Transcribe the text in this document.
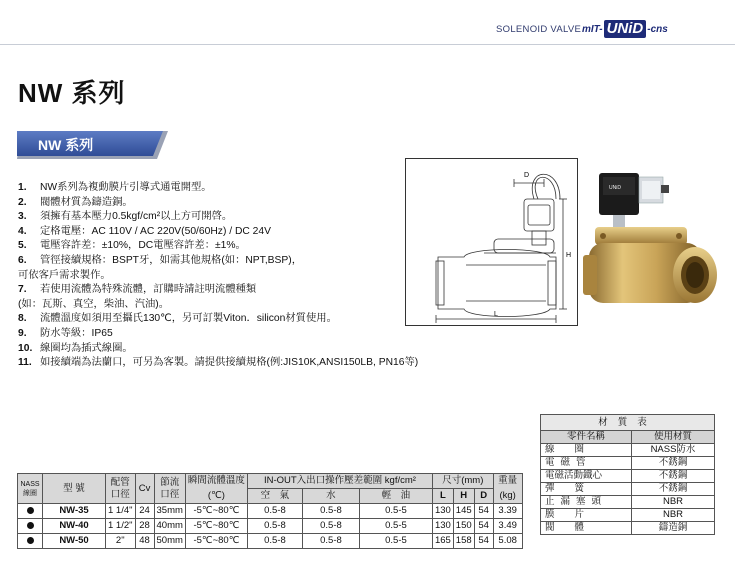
SOLENOID VALVE mIT- UNiD -cns
NW 系列
NW 系列
1. NW系列為複動膜片引導式通電開型。
2. 閥體材質為鑄造銅。
3. 須擁有基本壓力0.5kgf/cm²以上方可開啓。
4. 定格電壓：AC 110V / AC 220V(50/60Hz) / DC 24V
5. 電壓容許差：±10%，DC電壓容許差：±1%。
6. 管徑接續規格：BSPT牙，如需其他規格(如：NPT,BSP)，
可依客戶需求製作。
7. 若使用流體為特殊流體，訂購時請註明流體種類
(如：瓦斯、真空，柴油、汽油)。
8. 流體溫度如須用至攝氏130℃，另可訂製Viton．silicon材質使用。
9. 防水等級：IP65
10. 線圈均為插式線圈。
11. 如接續端為法蘭口，可另為客製。請提供接續規格(例:JIS10K,ANSI150LB, PN16等)
D
H
L
UNiD
材質表	
零件名稱	使用材質
線圈	NASS防水
電磁管	不銹鋼
電磁活動鐵心	不銹鋼
彈簧	不銹鋼
止漏塞頭	NBR
膜片	NBR
閥體	鑄造銅
NASS 線圈	型 號	配管 口徑	Cv	節流 口徑	瞬間流體溫度	IN-OUT入出口操作壓差範圍 kgf/cm²			尺寸(mm)			重量
					(℃)	空　氣	水	輕　油	L	H	D	(kg)
	NW-35	1 1/4"	24	35mm	-5℃~80℃	0.5-8	0.5-8	0.5-5	130	145	54	3.39
	NW-40	1 1/2"	28	40mm	-5℃~80℃	0.5-8	0.5-8	0.5-5	130	150	54	3.49
	NW-50	2"	48	50mm	-5℃~80℃	0.5-8	0.5-8	0.5-5	165	158	54	5.08
